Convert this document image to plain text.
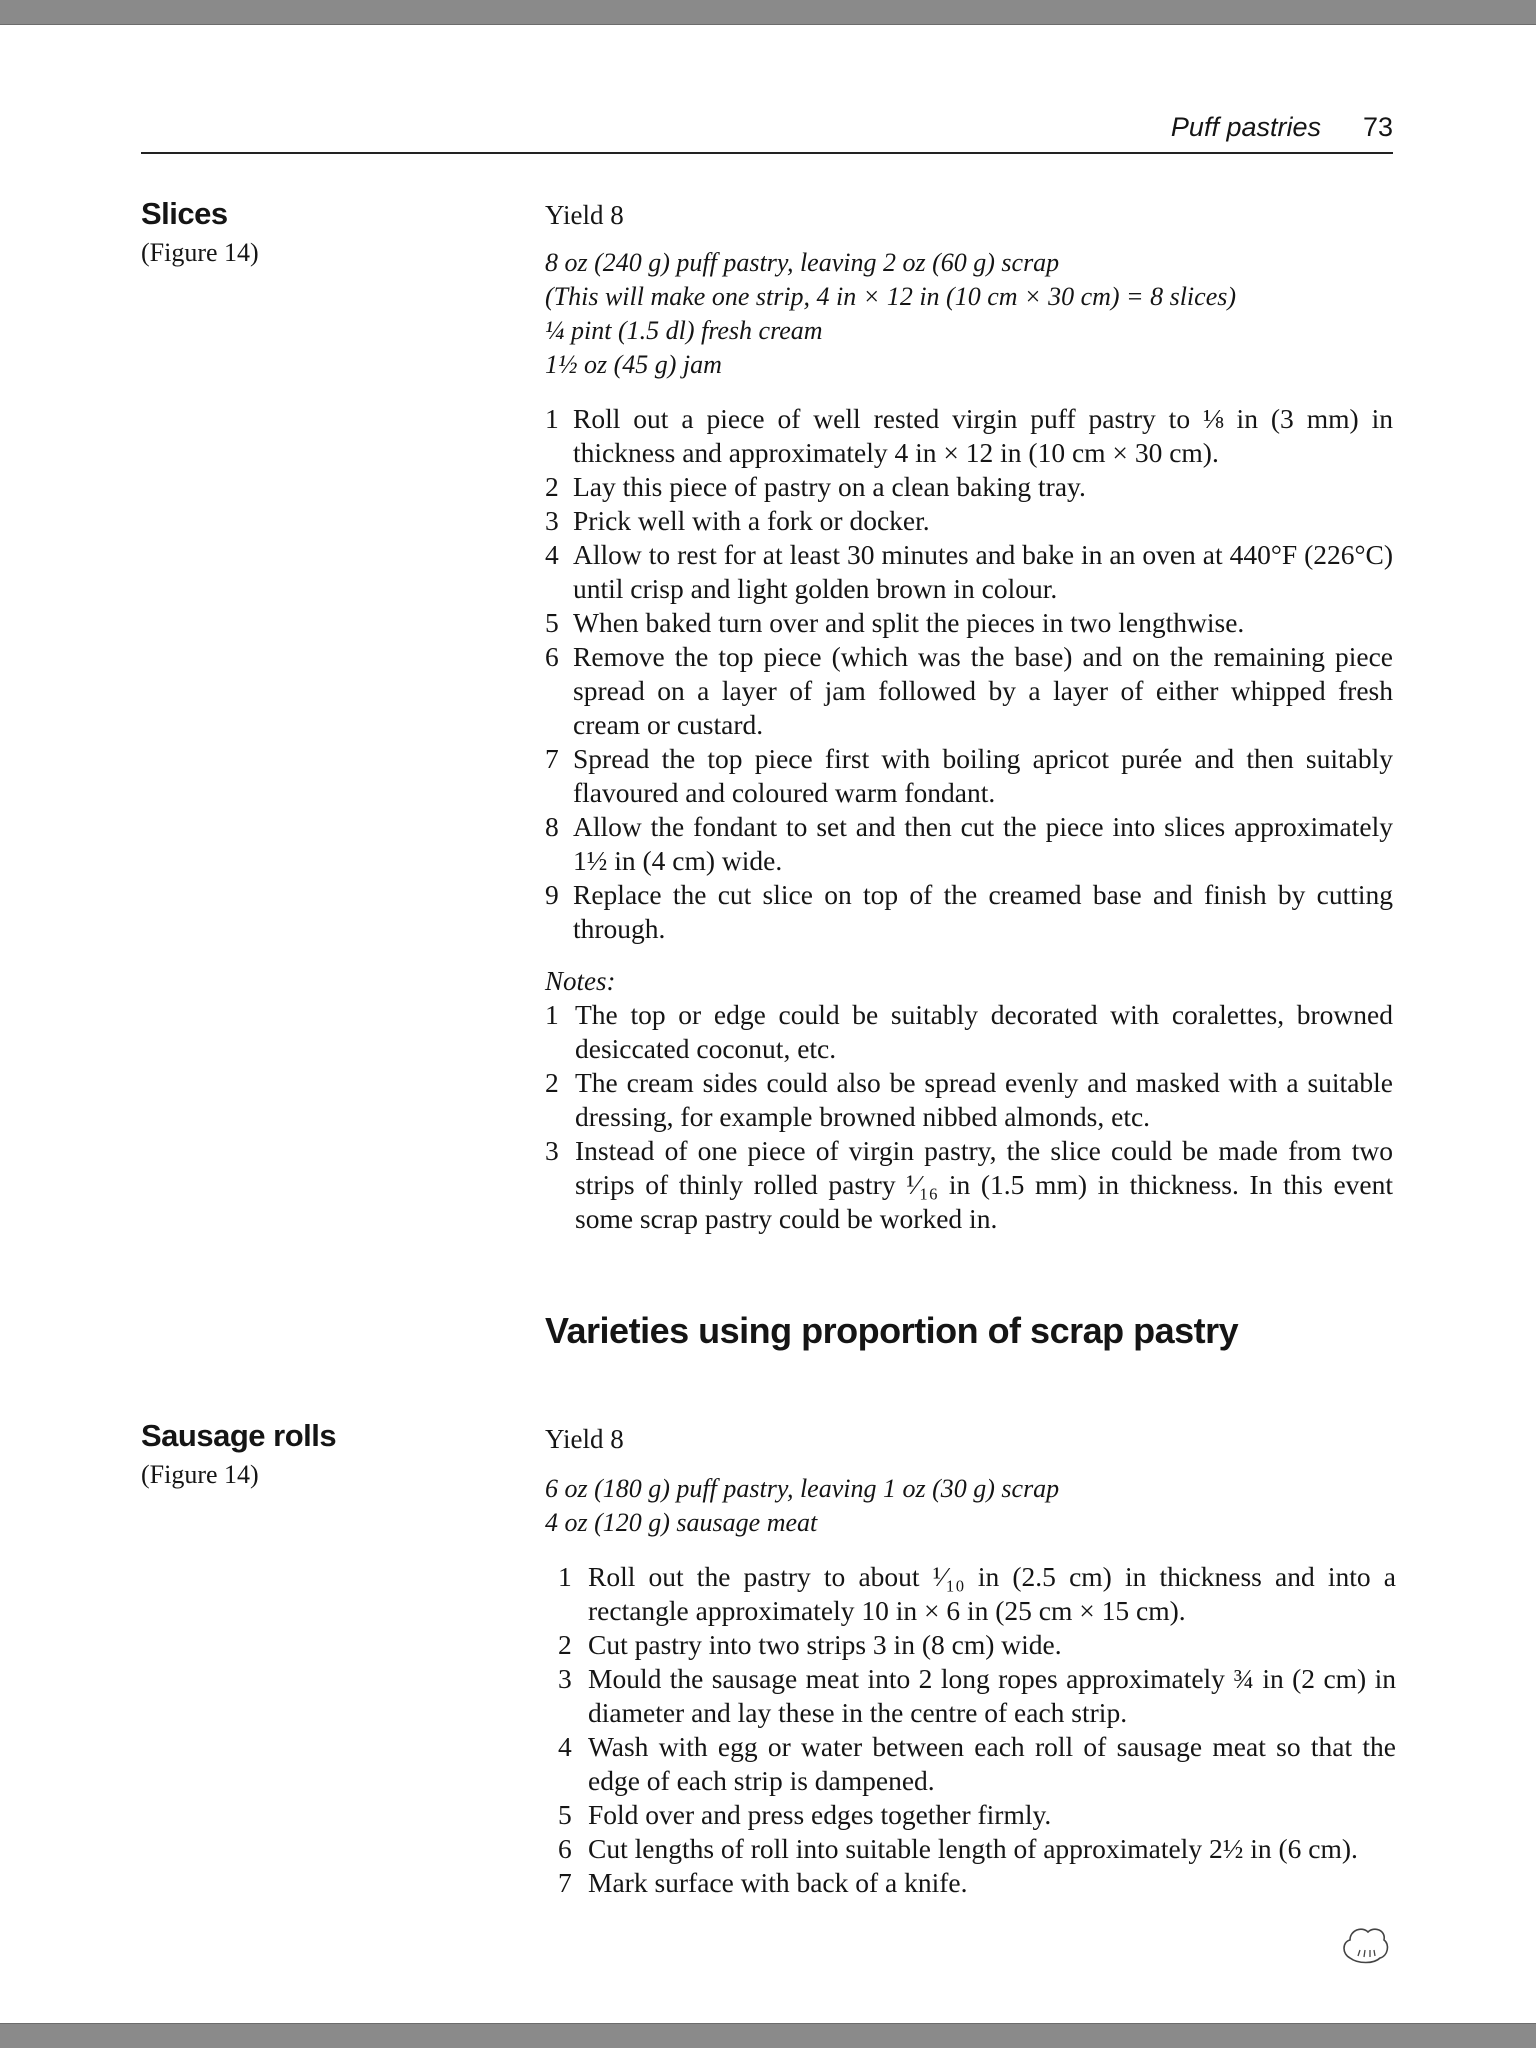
Puff pastries 73
Slices
(Figure 14)
Yield 8
8 oz (240 g) puff pastry, leaving 2 oz (60 g) scrap
(This will make one strip, 4 in × 12 in (10 cm × 30 cm) = 8 slices)
¼ pint (1.5 dl) fresh cream
1½ oz (45 g) jam
1 Roll out a piece of well rested virgin puff pastry to ⅛ in (3 mm) in thickness and approximately 4 in × 12 in (10 cm × 30 cm).
2 Lay this piece of pastry on a clean baking tray.
3 Prick well with a fork or docker.
4 Allow to rest for at least 30 minutes and bake in an oven at 440°F (226°C) until crisp and light golden brown in colour.
5 When baked turn over and split the pieces in two lengthwise.
6 Remove the top piece (which was the base) and on the remaining piece spread on a layer of jam followed by a layer of either whipped fresh cream or custard.
7 Spread the top piece first with boiling apricot purée and then suitably flavoured and coloured warm fondant.
8 Allow the fondant to set and then cut the piece into slices approximately 1½ in (4 cm) wide.
9 Replace the cut slice on top of the creamed base and finish by cutting through.
Notes:
1 The top or edge could be suitably decorated with coralettes, browned desiccated coconut, etc.
2 The cream sides could also be spread evenly and masked with a suitable dressing, for example browned nibbed almonds, etc.
3 Instead of one piece of virgin pastry, the slice could be made from two strips of thinly rolled pastry ¹⁄₁₆ in (1.5 mm) in thickness. In this event some scrap pastry could be worked in.
Varieties using proportion of scrap pastry
Sausage rolls
(Figure 14)
Yield 8
6 oz (180 g) puff pastry, leaving 1 oz (30 g) scrap
4 oz (120 g) sausage meat
1 Roll out the pastry to about ¹⁄₁₀ in (2.5 cm) in thickness and into a rectangle approximately 10 in × 6 in (25 cm × 15 cm).
2 Cut pastry into two strips 3 in (8 cm) wide.
3 Mould the sausage meat into 2 long ropes approximately ¾ in (2 cm) in diameter and lay these in the centre of each strip.
4 Wash with egg or water between each roll of sausage meat so that the edge of each strip is dampened.
5 Fold over and press edges together firmly.
6 Cut lengths of roll into suitable length of approximately 2½ in (6 cm).
7 Mark surface with back of a knife.
